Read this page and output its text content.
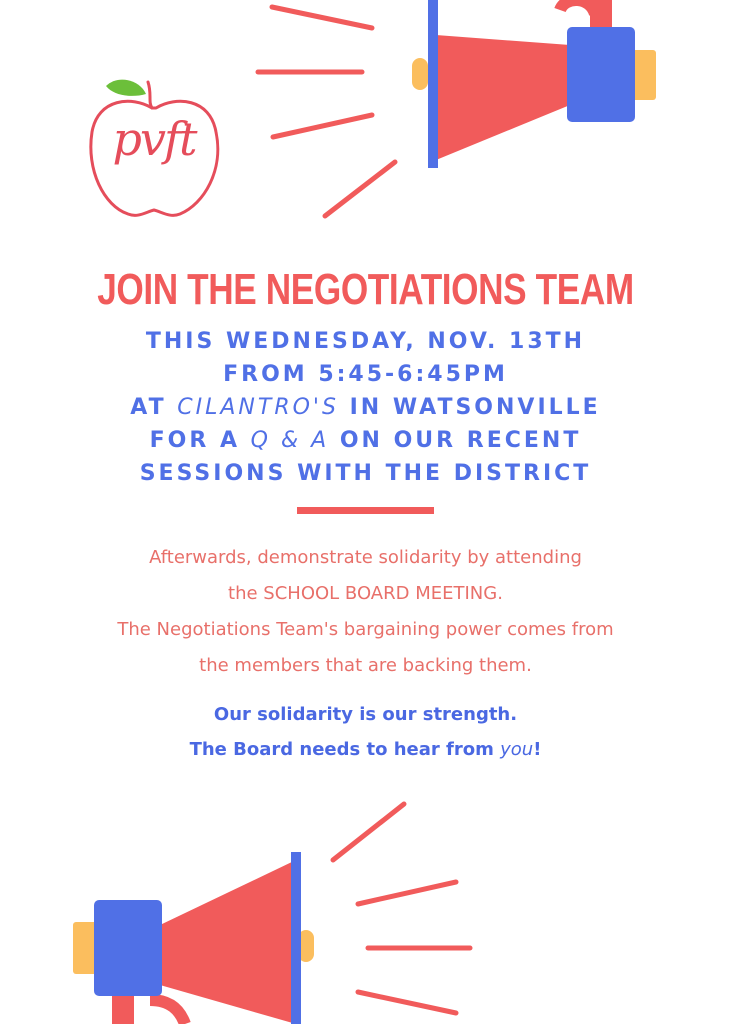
pvft
JOIN THE NEGOTIATIONS TEAM
THIS WEDNESDAY, NOV. 13TH
FROM 5:45-6:45PM
AT CILANTRO'S IN WATSONVILLE
FOR A Q & A ON OUR RECENT
SESSIONS WITH THE DISTRICT
Afterwards, demonstrate solidarity by attending
the SCHOOL BOARD MEETING.
The Negotiations Team's bargaining power comes from
the members that are backing them.
Our solidarity is our strength.
The Board needs to hear from you!
